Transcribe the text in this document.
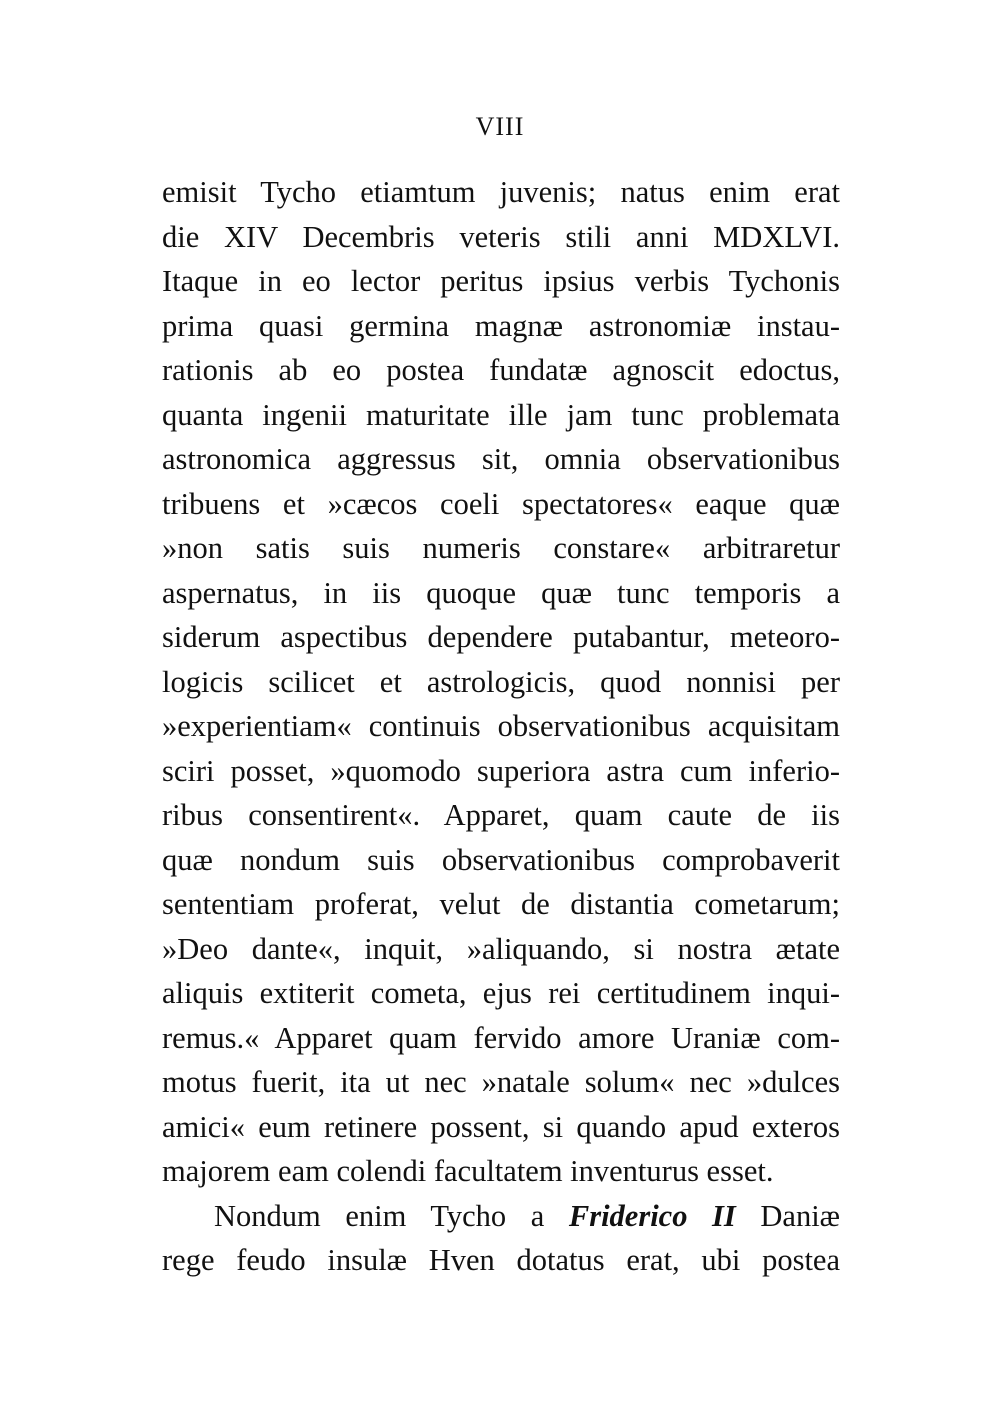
VIII
emisit Tycho etiamtum juvenis; natus enim erat
die XIV Decembris veteris stili anni MDXLVI.
Itaque in eo lector peritus ipsius verbis Tychonis
prima quasi germina magnæ astronomiæ instau-
rationis ab eo postea fundatæ agnoscit edoctus,
quanta ingenii maturitate ille jam tunc problemata
astronomica aggressus sit, omnia observationibus
tribuens et »cæcos coeli spectatores« eaque quæ
»non satis suis numeris constare« arbitraretur
aspernatus, in iis quoque quæ tunc temporis a
siderum aspectibus dependere putabantur, meteoro-
logicis scilicet et astrologicis, quod nonnisi per
»experientiam« continuis observationibus acquisitam
sciri posset, »quomodo superiora astra cum inferio-
ribus consentirent«. Apparet, quam caute de iis
quæ nondum suis observationibus comprobaverit
sententiam proferat, velut de distantia cometarum;
»Deo dante«, inquit, »aliquando, si nostra ætate
aliquis extiterit cometa, ejus rei certitudinem inqui-
remus.« Apparet quam fervido amore Uraniæ com-
motus fuerit, ita ut nec »natale solum« nec »dulces
amici« eum retinere possent, si quando apud exteros
majorem eam colendi facultatem inventurus esset.
Nondum enim Tycho a Friderico II Daniæ
rege feudo insulæ Hven dotatus erat, ubi postea
